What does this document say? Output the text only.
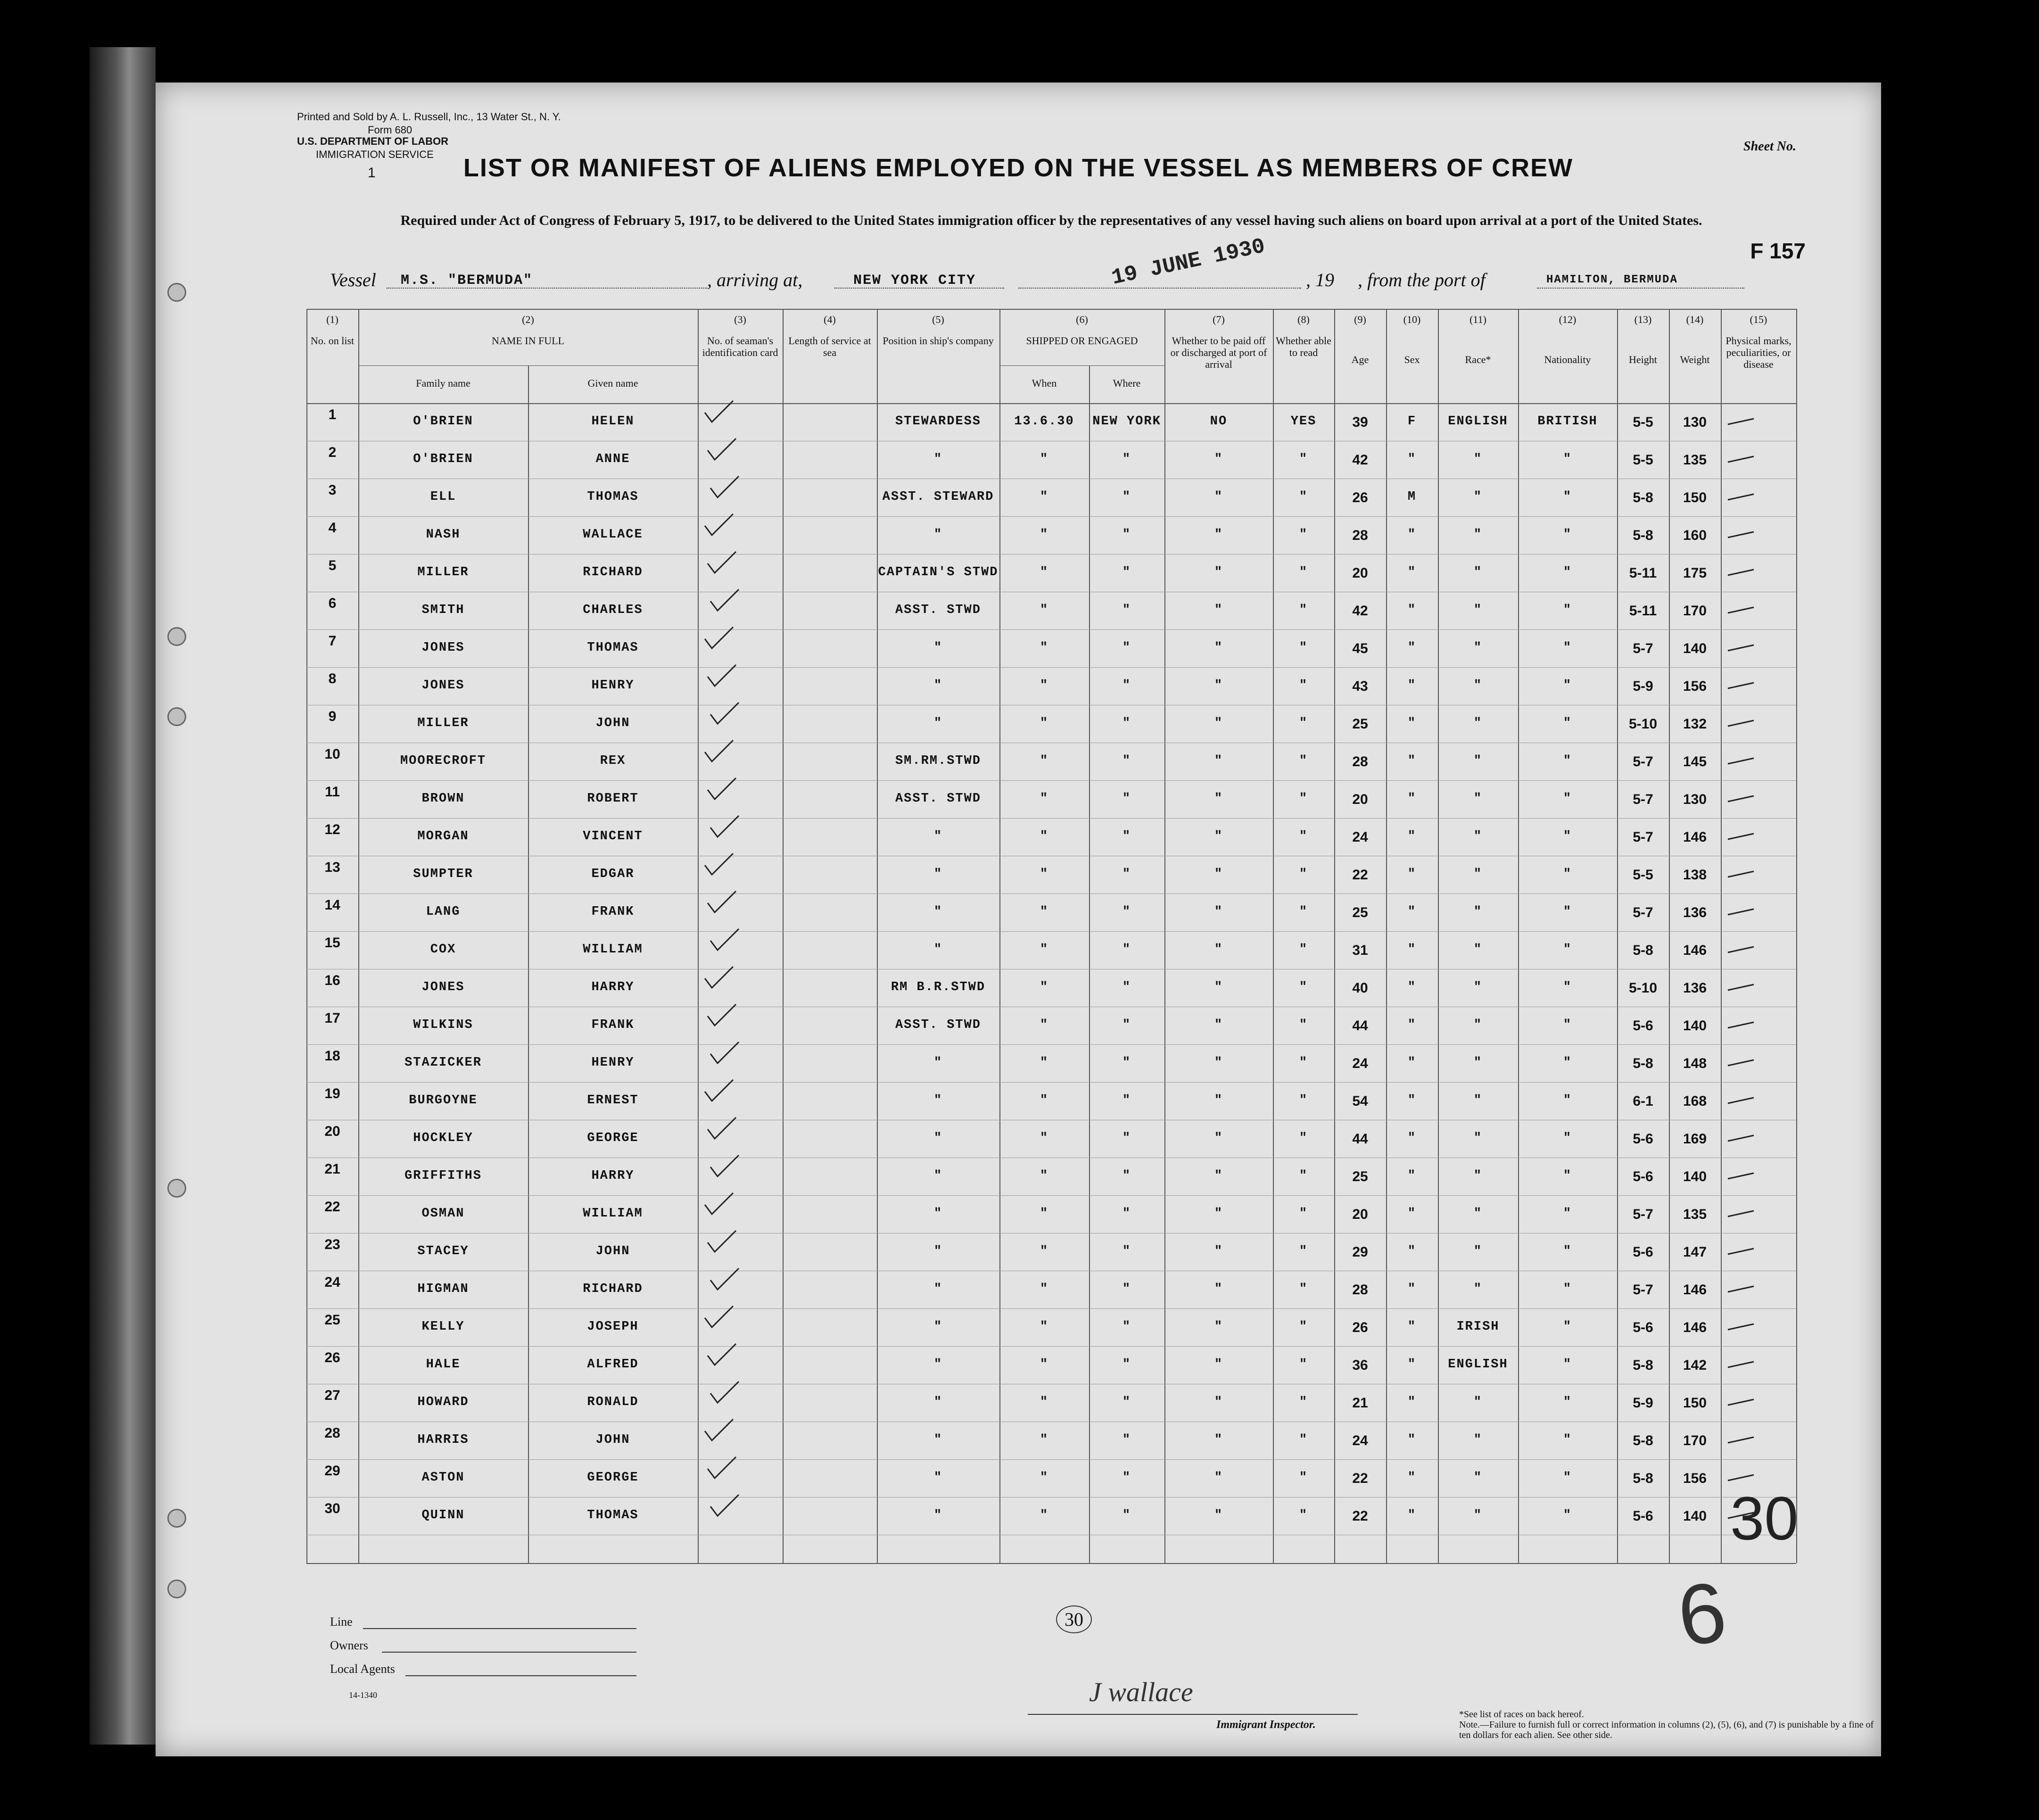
Printed and Sold by A. L. Russell, Inc., 13 Water St., N. Y.
Form 680
U.S. DEPARTMENT OF LABOR
IMMIGRATION SERVICE
1
Sheet No.
LIST OR MANIFEST OF ALIENS EMPLOYED ON THE VESSEL AS MEMBERS OF CREW
Required under Act of Congress of February 5, 1917, to be delivered to the United States immigration officer by the representatives of any vessel having such aliens on board upon arrival at a port of the United States.
F 157
Vessel M.S. "BERMUDA"	, arriving at,	NEW YORK CITY	, 19 , from the port of	HAMILTON, BERMUDA
19 JUNE 1930
(1)	(2)	(3)	(4)	(5)	(6)	(7)	(8)	(9)	(10)	(11)	(12)	(13)	(14)	(15)
No. on list	NAME IN FULL	No. of seaman's identification card
Length of service at sea
Position in ship's company	SHIPPED OR ENGAGED	Whether to be paid off or discharged at port of arrival
Whether able to read
Age	Sex	Race*	Nationality	Height	Weight
Physical marks, peculiarities, or disease
Family name	Given name	When	Where
1	O'BRIEN	HELEN	STEWARDESS	13.6.30	NEW YORK	NO	YES	39	F	ENGLISH	BRITISH	5-5	130
2	O'BRIEN	ANNE	"	"	"	"	"	42	"	"	"	5-5	135
3	ELL	THOMAS	ASST. STEWARD	"	"	"	"	26	M	"	"	5-8	150
4	NASH	WALLACE	"	"	"	"	"	28	"	"	"	5-8	160
5	MILLER	RICHARD	CAPTAIN'S STWD	"	"	"	"	20	"	"	"	5-11	175
6	SMITH	CHARLES	ASST. STWD	"	"	"	"	42	"	"	"	5-11	170
7	JONES	THOMAS	"	"	"	"	"	45	"	"	"	5-7	140
8	JONES	HENRY	"	"	"	"	"	43	"	"	"	5-9	156
9	MILLER	JOHN	"	"	"	"	"	25	"	"	"	5-10	132
10	MOORECROFT	REX	SM.RM.STWD	"	"	"	"	28	"	"	"	5-7	145
11	BROWN	ROBERT	ASST. STWD	"	"	"	"	20	"	"	"	5-7	130
12	MORGAN	VINCENT	"	"	"	"	"	24	"	"	"	5-7	146
13	SUMPTER	EDGAR	"	"	"	"	"	22	"	"	"	5-5	138
14	LANG	FRANK	"	"	"	"	"	25	"	"	"	5-7	136
15	COX	WILLIAM	"	"	"	"	"	31	"	"	"	5-8	146
16	JONES	HARRY	RM B.R.STWD	"	"	"	"	40	"	"	"	5-10	136
17	WILKINS	FRANK	ASST. STWD	"	"	"	"	44	"	"	"	5-6	140
18	STAZICKER	HENRY	"	"	"	"	"	24	"	"	"	5-8	148
19	BURGOYNE	ERNEST	"	"	"	"	"	54	"	"	"	6-1	168
20	HOCKLEY	GEORGE	"	"	"	"	"	44	"	"	"	5-6	169
21	GRIFFITHS	HARRY	"	"	"	"	"	25	"	"	"	5-6	140
22	OSMAN	WILLIAM	"	"	"	"	"	20	"	"	"	5-7	135
23	STACEY	JOHN	"	"	"	"	"	29	"	"	"	5-6	147
24	HIGMAN	RICHARD	"	"	"	"	"	28	"	"	"	5-7	146
25	KELLY	JOSEPH	"	"	"	"	"	26	"	IRISH	"	5-6	146
26	HALE	ALFRED	"	"	"	"	"	36	"	ENGLISH	"	5-8	142
27	HOWARD	RONALD	"	"	"	"	"	21	"	"	"	5-9	150
28	HARRIS	JOHN	"	"	"	"	"	24	"	"	"	5-8	170
29	ASTON	GEORGE	"	"	"	"	"	22	"	"	"	5-8	156
30	QUINN	THOMAS	"	"	"	"	"	22	"	"	"	5-6	140
Line
Owners
Local Agents
14-1340
30
J wallace
Immigrant Inspector.
*See list of races on back hereof.
Note.—Failure to furnish full or correct information in columns (2), (5), (6), and (7) is punishable by a fine of ten dollars for each alien. See other side.
30
6
